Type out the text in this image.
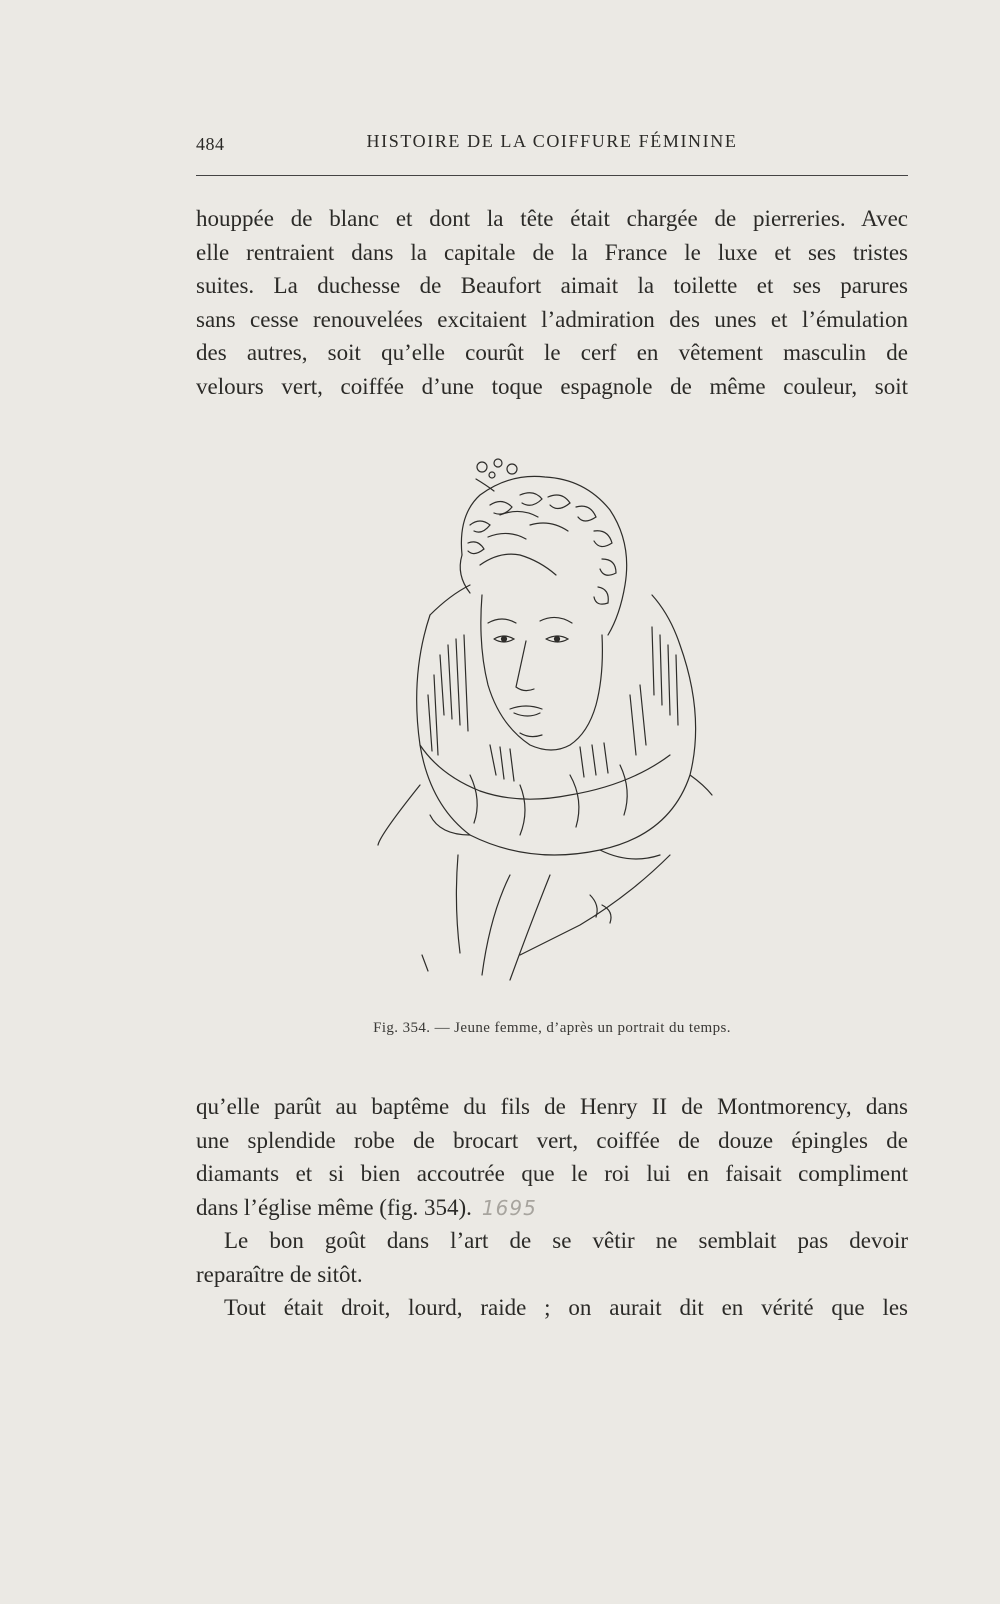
484	HISTOIRE DE LA COIFFURE FÉMININE
houppée de blanc et dont la tête était chargée de pierreries. Avec
elle rentraient dans la capitale de la France le luxe et ses tristes
suites. La duchesse de Beaufort aimait la toilette et ses parures
sans cesse renouvelées excitaient l’admiration des unes et l’émulation
des autres, soit qu’elle courût le cerf en vêtement masculin de
velours vert, coiffée d’une toque espagnole de même couleur, soit
Fig. 354. — Jeune femme, d’après un portrait du temps.
qu’elle parût au baptême du fils de Henry II de Montmorency, dans
une splendide robe de brocart vert, coiffée de douze épingles de
diamants et si bien accoutrée que le roi lui en faisait compliment
dans l’église même (fig. 354). 1695
Le bon goût dans l’art de se vêtir ne semblait pas devoir
reparaître de sitôt.
Tout était droit, lourd, raide ; on aurait dit en vérité que les
